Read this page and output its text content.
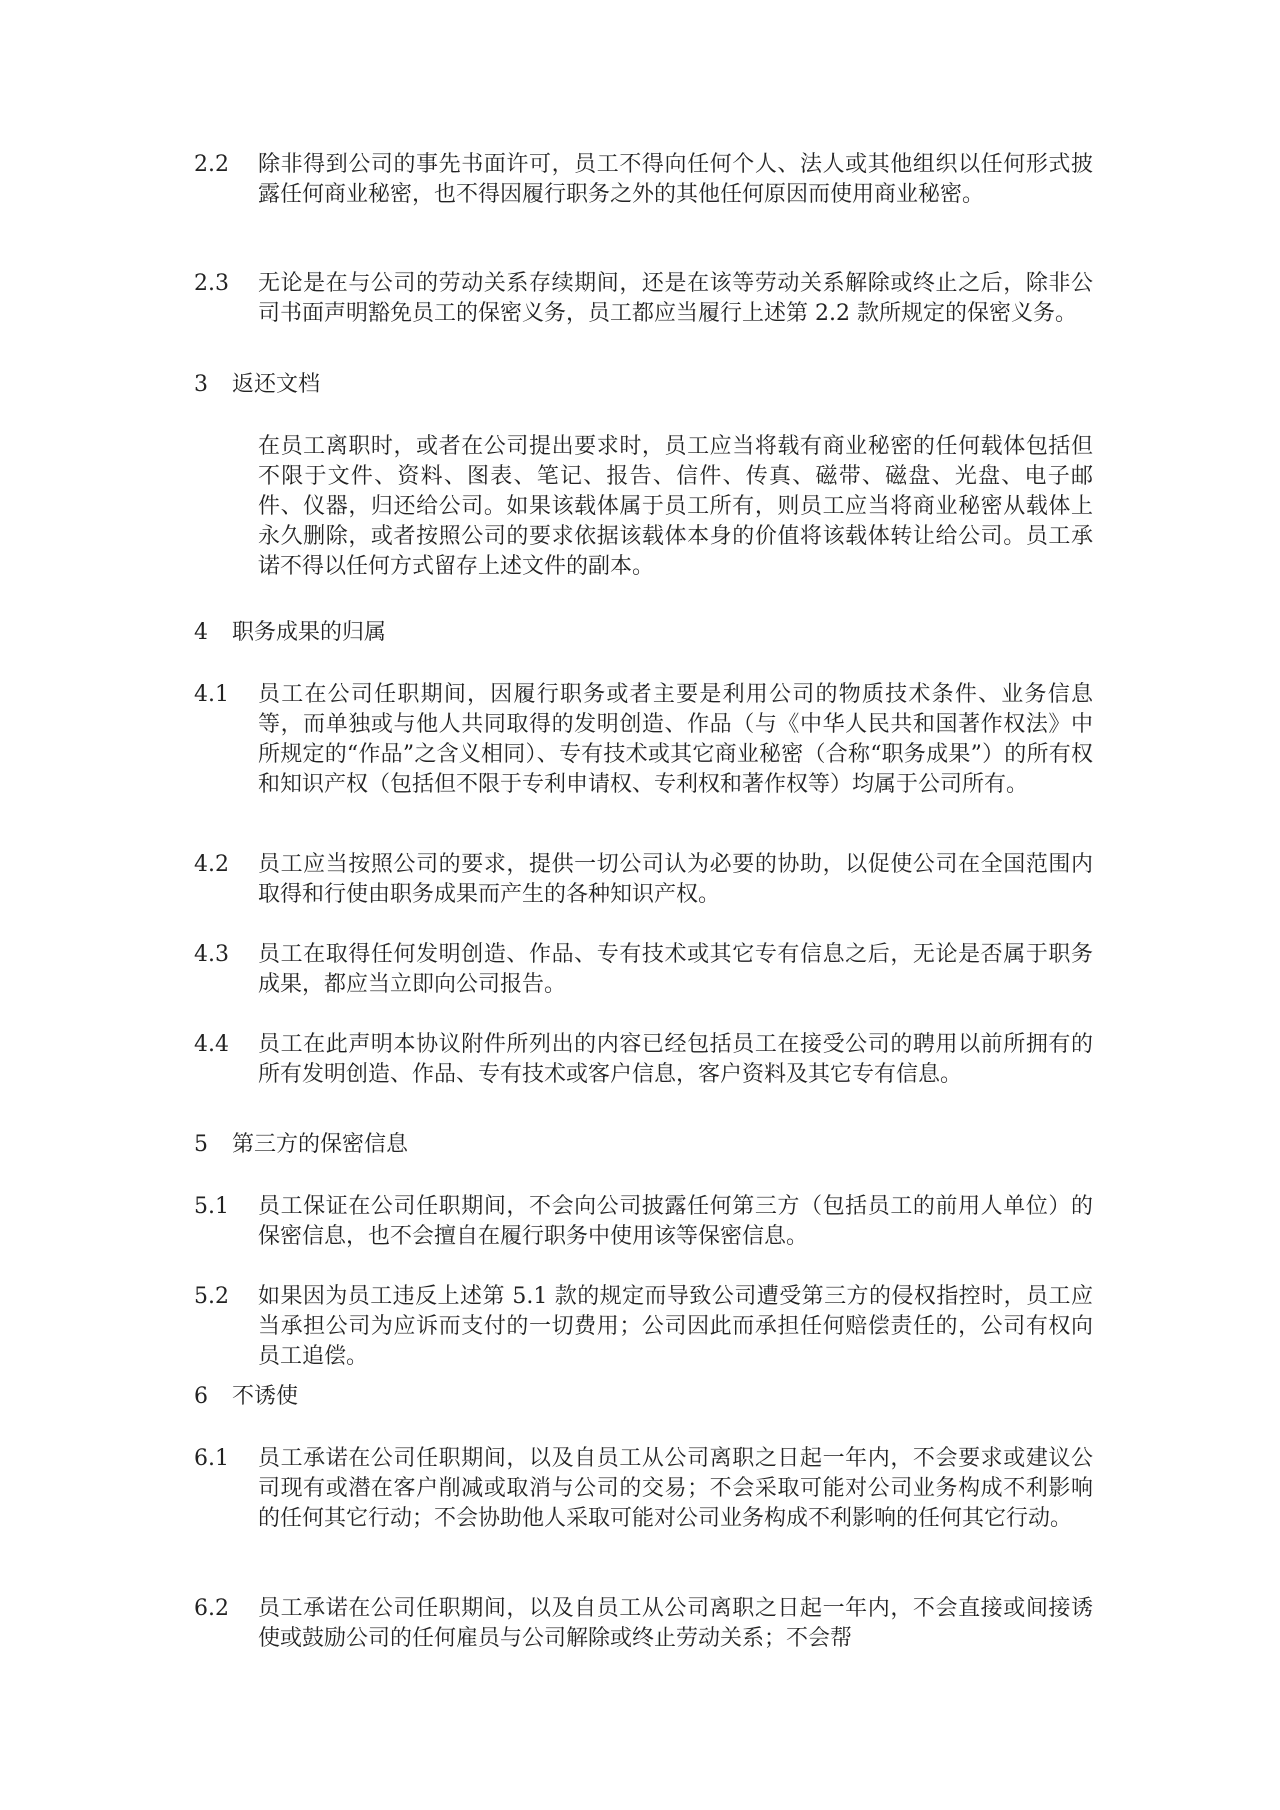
2.2 除非得到公司的事先书面许可，员工不得向任何个人、法人或其他组织以任何形式披露任何商业秘密，也不得因履行职务之外的其他任何原因而使用商业秘密。
2.3 无论是在与公司的劳动关系存续期间，还是在该等劳动关系解除或终止之后，除非公司书面声明豁免员工的保密义务，员工都应当履行上述第 2.2 款所规定的保密义务。
3 返还文档
在员工离职时，或者在公司提出要求时，员工应当将载有商业秘密的任何载体包括但不限于文件、资料、图表、笔记、报告、信件、传真、磁带、磁盘、光盘、电子邮件、仪器，归还给公司。如果该载体属于员工所有，则员工应当将商业秘密从载体上永久删除，或者按照公司的要求依据该载体本身的价值将该载体转让给公司。员工承诺不得以任何方式留存上述文件的副本。
4 职务成果的归属
4.1 员工在公司任职期间，因履行职务或者主要是利用公司的物质技术条件、业务信息等，而单独或与他人共同取得的发明创造、作品（与《中华人民共和国著作权法》中所规定的“作品”之含义相同）、专有技术或其它商业秘密（合称“职务成果”）的所有权和知识产权（包括但不限于专利申请权、专利权和著作权等）均属于公司所有。
4.2 员工应当按照公司的要求，提供一切公司认为必要的协助，以促使公司在全国范围内取得和行使由职务成果而产生的各种知识产权。
4.3 员工在取得任何发明创造、作品、专有技术或其它专有信息之后，无论是否属于职务成果，都应当立即向公司报告。
4.4 员工在此声明本协议附件所列出的内容已经包括员工在接受公司的聘用以前所拥有的所有发明创造、作品、专有技术或客户信息，客户资料及其它专有信息。
5 第三方的保密信息
5.1 员工保证在公司任职期间，不会向公司披露任何第三方（包括员工的前用人单位）的保密信息，也不会擅自在履行职务中使用该等保密信息。
5.2 如果因为员工违反上述第 5.1 款的规定而导致公司遭受第三方的侵权指控时，员工应当承担公司为应诉而支付的一切费用；公司因此而承担任何赔偿责任的，公司有权向员工追偿。
6 不诱使
6.1 员工承诺在公司任职期间，以及自员工从公司离职之日起一年内，不会要求或建议公司现有或潜在客户削减或取消与公司的交易；不会采取可能对公司业务构成不利影响的任何其它行动；不会协助他人采取可能对公司业务构成不利影响的任何其它行动。
6.2 员工承诺在公司任职期间，以及自员工从公司离职之日起一年内，不会直接或间接诱使或鼓励公司的任何雇员与公司解除或终止劳动关系；不会帮
